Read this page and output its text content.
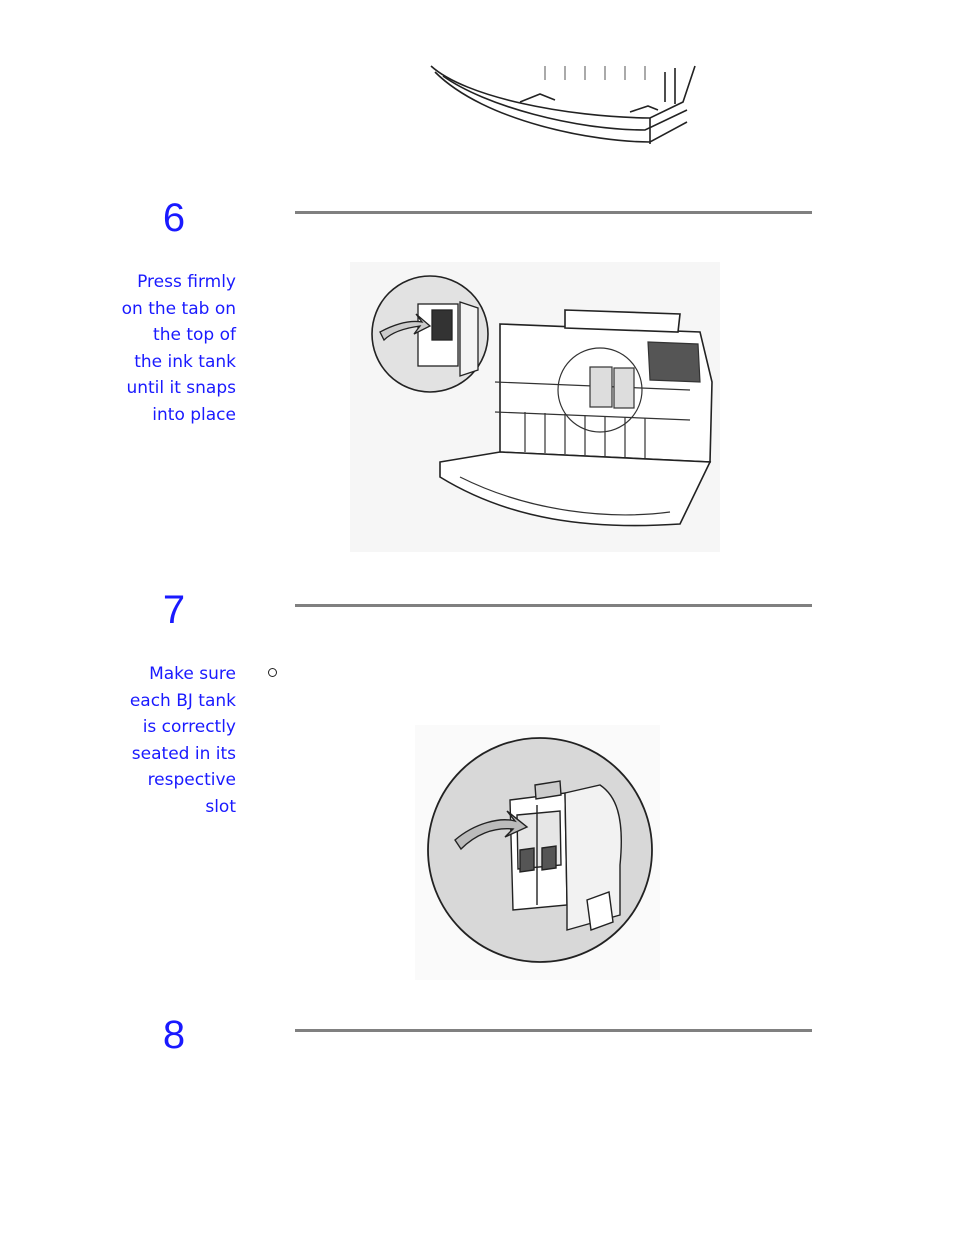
6
Press firmly
on the tab on
the top of
the ink tank
until it snaps
into place
7
Make sure
each BJ tank
is correctly
seated in its
respective
slot
8
